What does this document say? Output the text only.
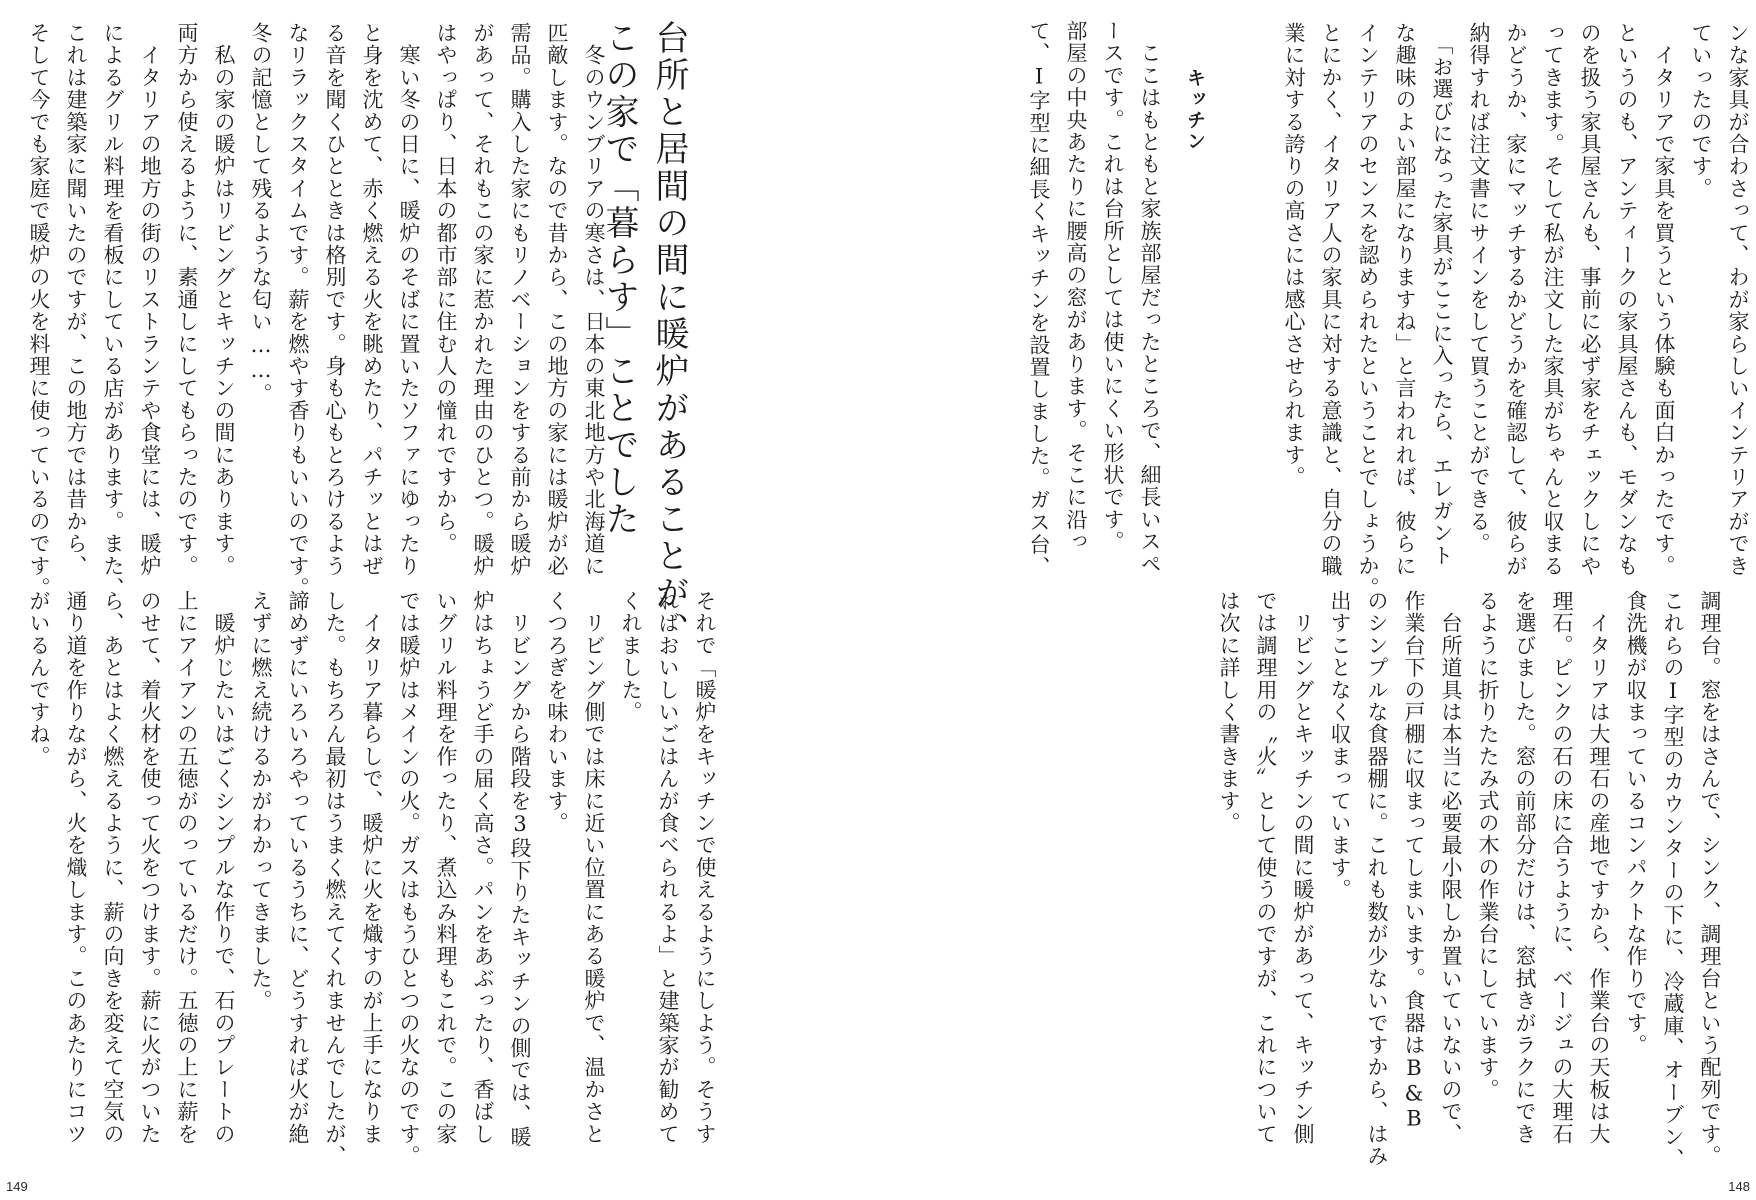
台所と居間の間に暖炉があることが、
この家で「暮らす」ことでした
　冬のウンブリアの寒さは、日本の東北地方や北海道に
匹敵します。なので昔から、この地方の家には暖炉が必
需品。購入した家にもリノベーションをする前から暖炉
があって、それもこの家に惹かれた理由のひとつ。暖炉
はやっぱり、日本の都市部に住む人の憧れですから。
　寒い冬の日に、暖炉のそばに置いたソファにゆったり
と身を沈めて、赤く燃える火を眺めたり、パチッとはぜ
る音を聞くひとときは格別です。身も心もとろけるよう
なリラックスタイムです。薪を燃やす香りもいいのです。
冬の記憶として残るような匂い……。
　私の家の暖炉はリビングとキッチンの間にあります。
両方から使えるように、素通しにしてもらったのです。
　イタリアの地方の街のリストランテや食堂には、暖炉
によるグリル料理を看板にしている店があります。また、
これは建築家に聞いたのですが、この地方では昔から、
そして今でも家庭で暖炉の火を料理に使っているのです。
それで「暖炉をキッチンで使えるようにしよう。そうす
ればおいしいごはんが食べられるよ」と建築家が勧めて
くれました。
　リビング側では床に近い位置にある暖炉で、温かさと
くつろぎを味わいます。
　リビングから階段を3段下りたキッチンの側では、暖
炉はちょうど手の届く高さ。パンをあぶったり、香ばし
いグリル料理を作ったり、煮込み料理もこれで。この家
では暖炉はメインの火。ガスはもうひとつの火なのです。
　イタリア暮らしで、暖炉に火を熾すのが上手になりま
した。もちろん最初はうまく燃えてくれませんでしたが、
諦めずにいろいろやっているうちに、どうすれば火が絶
えずに燃え続けるかがわかってきました。
　暖炉じたいはごくシンプルな作りで、石のプレートの
上にアイアンの五徳がのっているだけ。五徳の上に薪を
のせて、着火材を使って火をつけます。薪に火がついた
ら、あとはよく燃えるように、薪の向きを変えて空気の
通り道を作りながら、火を熾します。このあたりにコツ
がいるんですね。
149
ンな家具が合わさって、わが家らしいインテリアができ
ていったのです。
　イタリアで家具を買うという体験も面白かったです。
というのも、アンティークの家具屋さんも、モダンなも
のを扱う家具屋さんも、事前に必ず家をチェックしにや
ってきます。そして私が注文した家具がちゃんと収まる
かどうか、家にマッチするかどうかを確認して、彼らが
納得すれば注文書にサインをして買うことができる。
　「お選びになった家具がここに入ったら、エレガント
な趣味のよい部屋になりますね」と言われれば、彼らに
インテリアのセンスを認められたということでしょうか。
とにかく、イタリア人の家具に対する意識と、自分の職
業に対する誇りの高さには感心させられます。
キッチン
　ここはもともと家族部屋だったところで、細長いスペ
ースです。これは台所としては使いにくい形状です。
部屋の中央あたりに腰高の窓があります。そこに沿っ
て、I字型に細長くキッチンを設置しました。ガス台、
調理台。窓をはさんで、シンク、調理台という配列です。
これらのI字型のカウンターの下に、冷蔵庫、オーブン、
食洗機が収まっているコンパクトな作りです。
　イタリアは大理石の産地ですから、作業台の天板は大
理石。ピンクの石の床に合うように、ベージュの大理石
を選びました。窓の前部分だけは、窓拭きがラクにでき
るように折りたたみ式の木の作業台にしています。
　台所道具は本当に必要最小限しか置いていないので、
作業台下の戸棚に収まってしまいます。食器はB&B
のシンプルな食器棚に。これも数が少ないですから、はみ
出すことなく収まっています。
　リビングとキッチンの間に暖炉があって、キッチン側
では調理用の〝火〟として使うのですが、これについて
は次に詳しく書きます。
148
